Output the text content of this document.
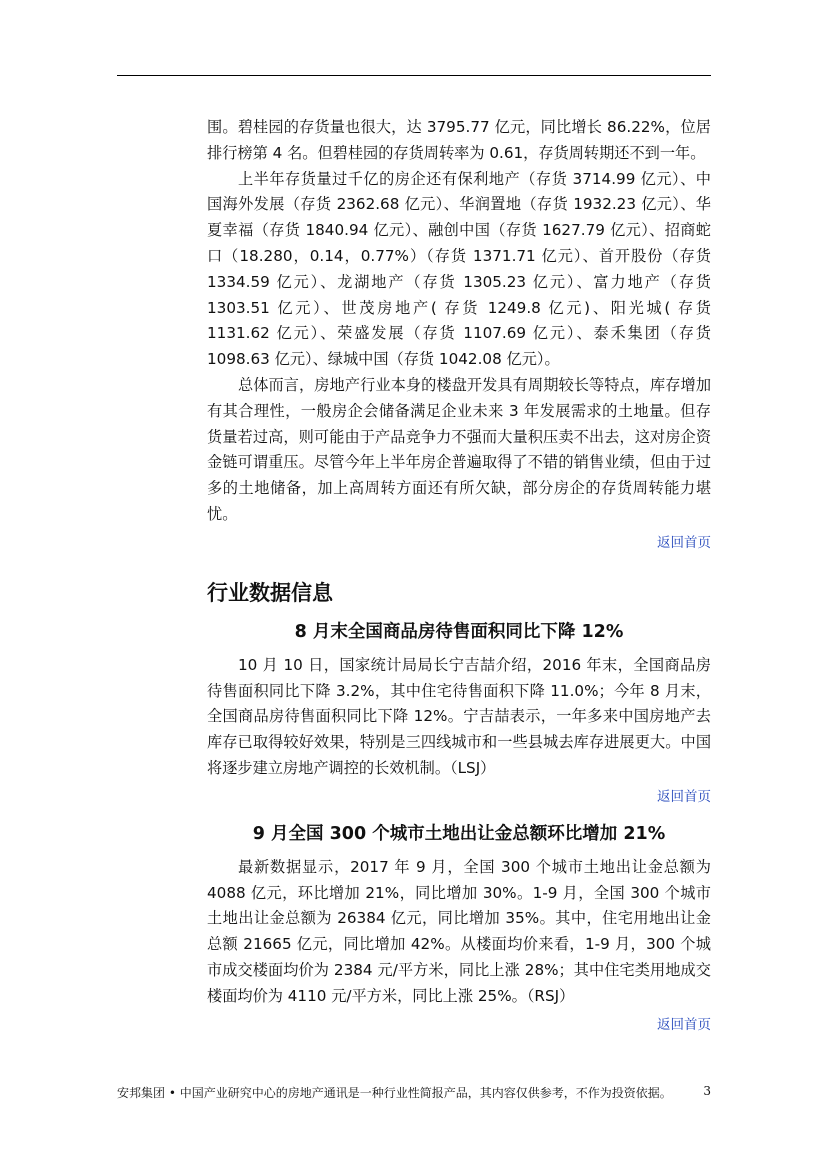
围。碧桂园的存货量也很大，达 3795.77 亿元，同比增长 86.22%，位居排行榜第 4 名。但碧桂园的存货周转率为 0.61，存货周转期还不到一年。

上半年存货量过千亿的房企还有保利地产（存货 3714.99 亿元）、中国海外发展（存货 2362.68 亿元）、华润置地（存货 1932.23 亿元）、华夏幸福（存货 1840.94 亿元）、融创中国（存货 1627.79 亿元）、招商蛇口（18.280，0.14，0.77%）（存货 1371.71 亿元）、首开股份（存货 1334.59 亿元）、龙湖地产（存货 1305.23 亿元）、富力地产（存货 1303.51 亿元）、世茂房地产( 存货 1249.8 亿元)、阳光城( 存货 1131.62 亿元）、荣盛发展（存货 1107.69 亿元）、泰禾集团（存货 1098.63 亿元）、绿城中国（存货 1042.08 亿元）。

总体而言，房地产行业本身的楼盘开发具有周期较长等特点，库存增加有其合理性，一般房企会储备满足企业未来 3 年发展需求的土地量。但存货量若过高，则可能由于产品竞争力不强而大量积压卖不出去，这对房企资金链可谓重压。尽管今年上半年房企普遍取得了不错的销售业绩，但由于过多的土地储备，加上高周转方面还有所欠缺，部分房企的存货周转能力堪忧。

返回首页
行业数据信息
8 月末全国商品房待售面积同比下降 12%

10 月 10 日，国家统计局局长宁吉喆介绍，2016 年末，全国商品房待售面积同比下降 3.2%，其中住宅待售面积下降 11.0%；今年 8 月末，全国商品房待售面积同比下降 12%。宁吉喆表示，一年多来中国房地产去库存已取得较好效果，特别是三四线城市和一些县城去库存进展更大。中国将逐步建立房地产调控的长效机制。（LSJ）

返回首页
9 月全国 300 个城市土地出让金总额环比增加 21%

最新数据显示，2017 年 9 月，全国 300 个城市土地出让金总额为 4088 亿元，环比增加 21%，同比增加 30%。1-9 月，全国 300 个城市土地出让金总额为 26384 亿元，同比增加 35%。其中，住宅用地出让金总额 21665 亿元，同比增加 42%。从楼面均价来看，1-9 月，300 个城市成交楼面均价为 2384 元/平方米，同比上涨 28%；其中住宅类用地成交楼面均价为 4110 元/平方米，同比上涨 25%。（RSJ）

返回首页
安邦集团 • 中国产业研究中心的房地产通讯是一种行业性简报产品，其内容仅供参考，不作为投资依据。	3
